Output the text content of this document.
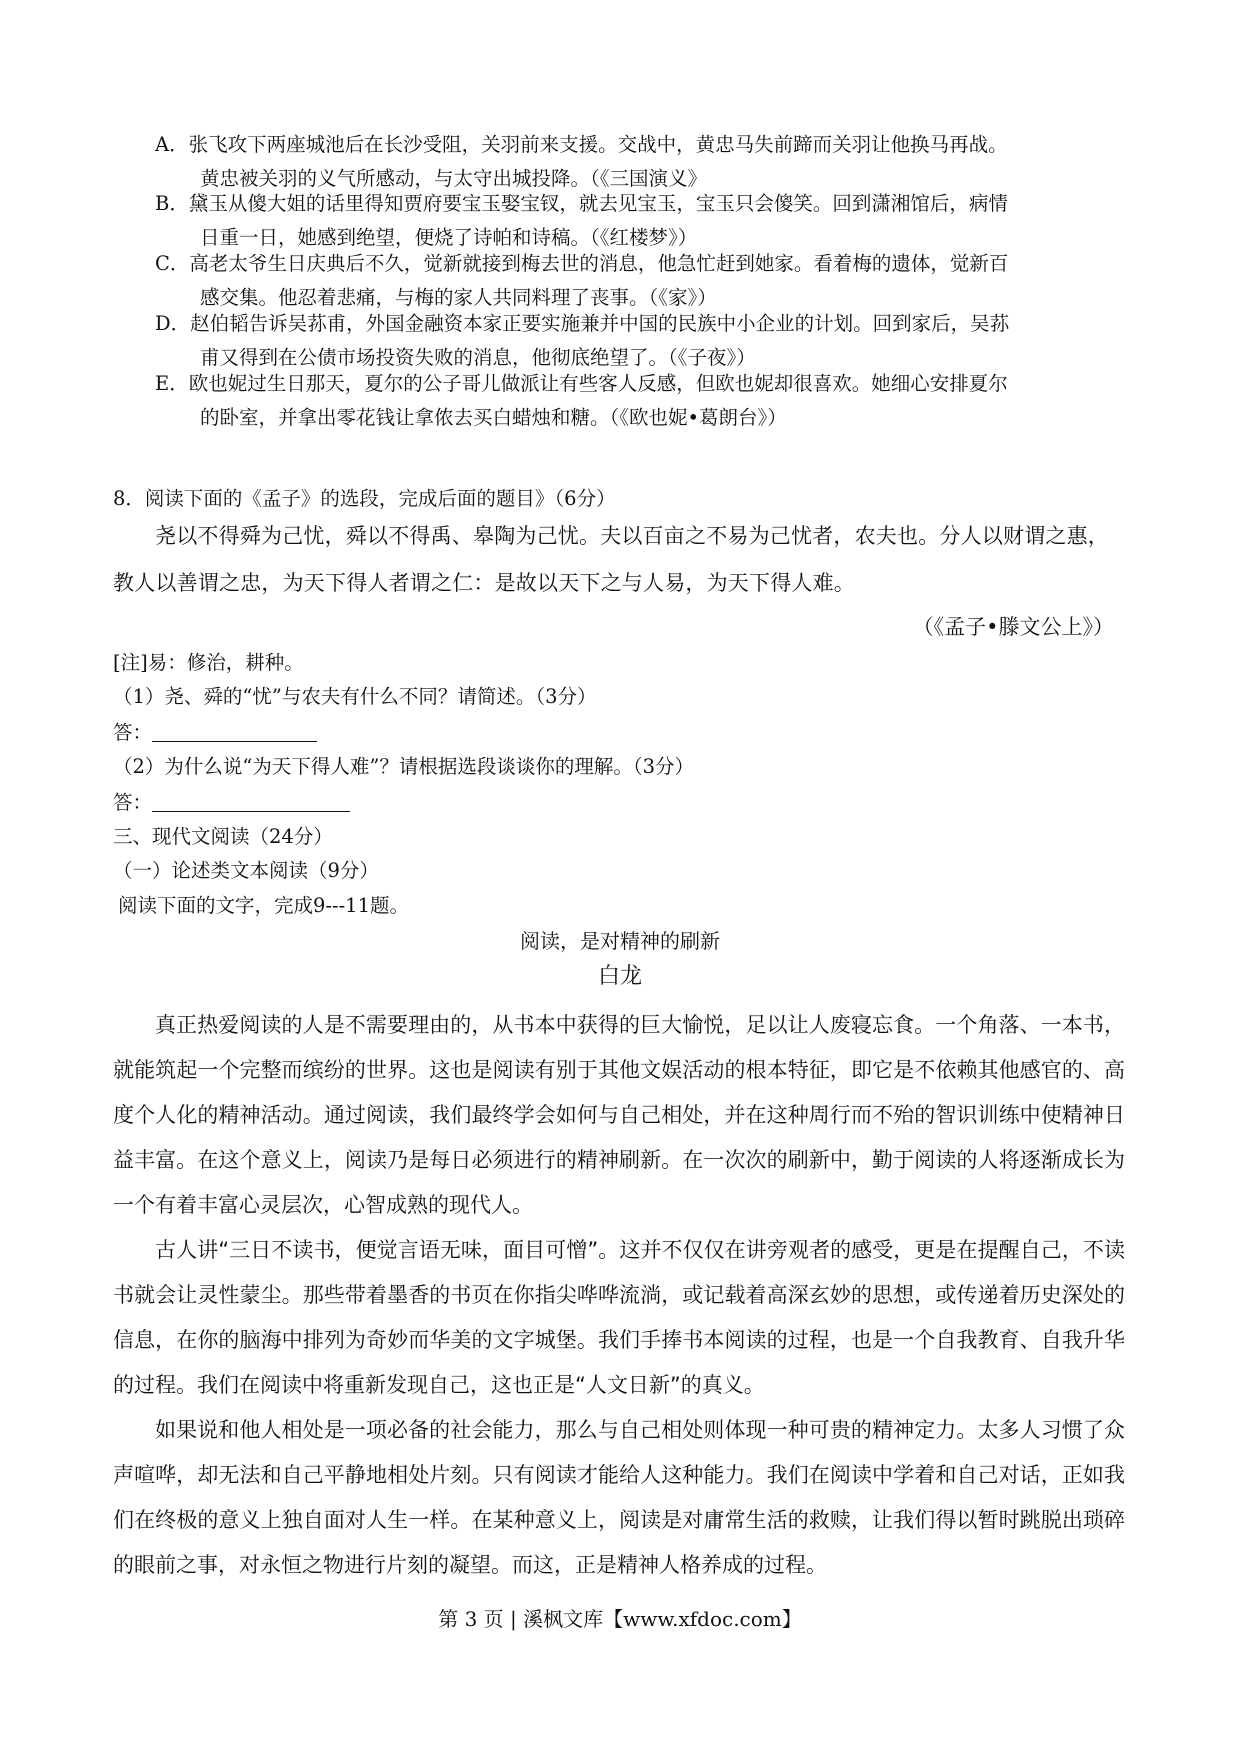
A．张飞攻下两座城池后在长沙受阻，关羽前来支援。交战中，黄忠马失前蹄而关羽让他换马再战。
黄忠被关羽的义气所感动，与太守出城投降。（《三国演义》
B．黛玉从傻大姐的话里得知贾府要宝玉娶宝钗，就去见宝玉，宝玉只会傻笑。回到潇湘馆后，病情
日重一日，她感到绝望，便烧了诗帕和诗稿。（《红楼梦》）
C．高老太爷生日庆典后不久，觉新就接到梅去世的消息，他急忙赶到她家。看着梅的遗体，觉新百
感交集。他忍着悲痛，与梅的家人共同料理了丧事。（《家》）
D．赵伯韬告诉吴荪甫，外国金融资本家正要实施兼并中国的民族中小企业的计划。回到家后，吴荪
甫又得到在公债市场投资失败的消息，他彻底绝望了。（《子夜》）
E．欧也妮过生日那天，夏尔的公子哥儿做派让有些客人反感，但欧也妮却很喜欢。她细心安排夏尔
的卧室，并拿出零花钱让拿侬去买白蜡烛和糖。（《欧也妮•葛朗台》）
8．阅读下面的《孟子》的选段，完成后面的题目》（6分）
尧以不得舜为己忧，舜以不得禹、皋陶为己忧。夫以百亩之不易为己忧者，农夫也。分人以财谓之惠，
教人以善谓之忠，为天下得人者谓之仁：是故以天下之与人易，为天下得人难。
（《孟子•滕文公上》）
[注]易：修治，耕种。
（1）尧、舜的“忧”与农夫有什么不同？请简述。（3分）
答：
（2）为什么说“为天下得人难”？请根据选段谈谈你的理解。（3分）
答：
三、现代文阅读（24分）
（一）论述类文本阅读（9分）
阅读下面的文字，完成9---11题。
阅读，是对精神的刷新
白龙
真正热爱阅读的人是不需要理由的，从书本中获得的巨大愉悦，足以让人废寝忘食。一个角落、一本书，就能筑起一个完整而缤纷的世界。这也是阅读有别于其他文娱活动的根本特征，即它是不依赖其他感官的、高度个人化的精神活动。通过阅读，我们最终学会如何与自己相处，并在这种周行而不殆的智识训练中使精神日益丰富。在这个意义上，阅读乃是每日必须进行的精神刷新。在一次次的刷新中，勤于阅读的人将逐渐成长为一个有着丰富心灵层次，心智成熟的现代人。
古人讲“三日不读书，便觉言语无味，面目可憎”。这并不仅仅在讲旁观者的感受，更是在提醒自己，不读书就会让灵性蒙尘。那些带着墨香的书页在你指尖哗哗流淌，或记载着高深玄妙的思想，或传递着历史深处的信息，在你的脑海中排列为奇妙而华美的文字城堡。我们手捧书本阅读的过程，也是一个自我教育、自我升华的过程。我们在阅读中将重新发现自己，这也正是“人文日新”的真义。
如果说和他人相处是一项必备的社会能力，那么与自己相处则体现一种可贵的精神定力。太多人习惯了众声喧哗，却无法和自己平静地相处片刻。只有阅读才能给人这种能力。我们在阅读中学着和自己对话，正如我们在终极的意义上独自面对人生一样。在某种意义上，阅读是对庸常生活的救赎，让我们得以暂时跳脱出琐碎的眼前之事，对永恒之物进行片刻的凝望。而这，正是精神人格养成的过程。
第 3 页 | 溪枫文库【www.xfdoc.com】
